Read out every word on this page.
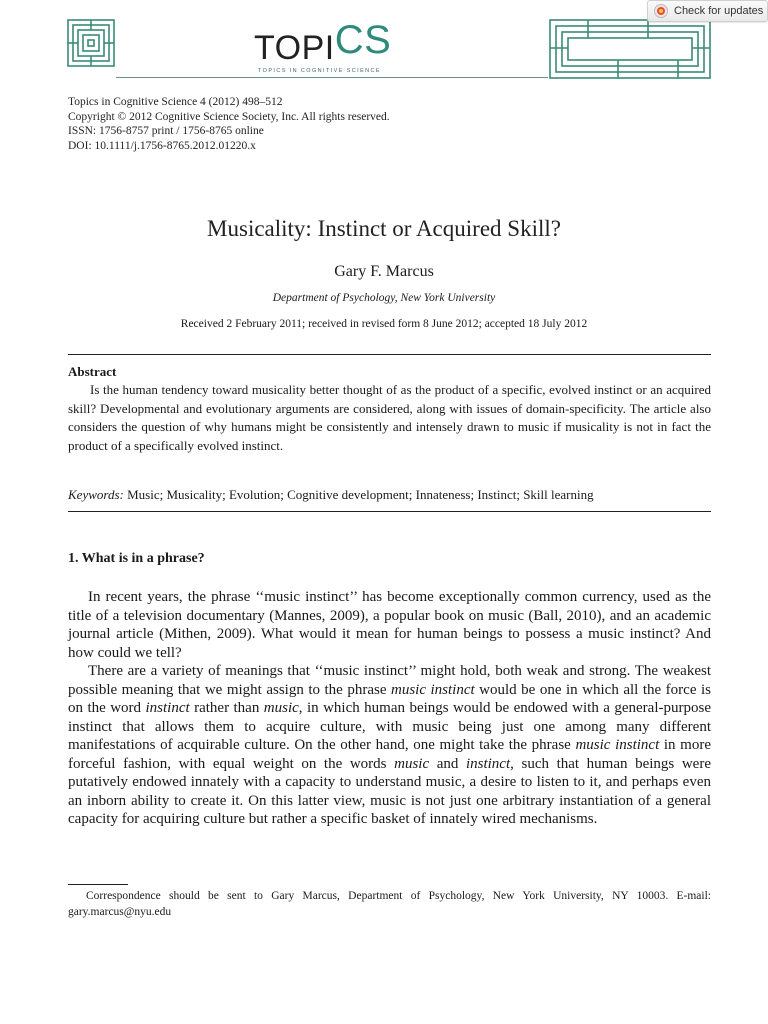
TOPICS
TOPICS IN COGNITIVE SCIENCE
Check for updates
Topics in Cognitive Science 4 (2012) 498–512
Copyright © 2012 Cognitive Science Society, Inc. All rights reserved.
ISSN: 1756-8757 print / 1756-8765 online
DOI: 10.1111/j.1756-8765.2012.01220.x
Musicality: Instinct or Acquired Skill?
Gary F. Marcus
Department of Psychology, New York University
Received 2 February 2011; received in revised form 8 June 2012; accepted 18 July 2012
Abstract
Is the human tendency toward musicality better thought of as the product of a specific, evolved instinct or an acquired skill? Developmental and evolutionary arguments are considered, along with issues of domain-specificity. The article also considers the question of why humans might be consistently and intensely drawn to music if musicality is not in fact the product of a specifically evolved instinct.
Keywords: Music; Musicality; Evolution; Cognitive development; Innateness; Instinct; Skill learning
1. What is in a phrase?
In recent years, the phrase ‘‘music instinct’’ has become exceptionally common currency, used as the title of a television documentary (Mannes, 2009), a popular book on music (Ball, 2010), and an academic journal article (Mithen, 2009). What would it mean for human beings to possess a music instinct? And how could we tell?
There are a variety of meanings that ‘‘music instinct’’ might hold, both weak and strong. The weakest possible meaning that we might assign to the phrase music instinct would be one in which all the force is on the word instinct rather than music, in which human beings would be endowed with a general-purpose instinct that allows them to acquire culture, with music being just one among many different manifestations of acquirable culture. On the other hand, one might take the phrase music instinct in more forceful fashion, with equal weight on the words music and instinct, such that human beings were putatively endowed innately with a capacity to understand music, a desire to listen to it, and perhaps even an inborn ability to create it. On this latter view, music is not just one arbitrary instantiation of a general capacity for acquiring culture but rather a specific basket of innately wired mechanisms.
Correspondence should be sent to Gary Marcus, Department of Psychology, New York University, NY 10003. E-mail: gary.marcus@nyu.edu
